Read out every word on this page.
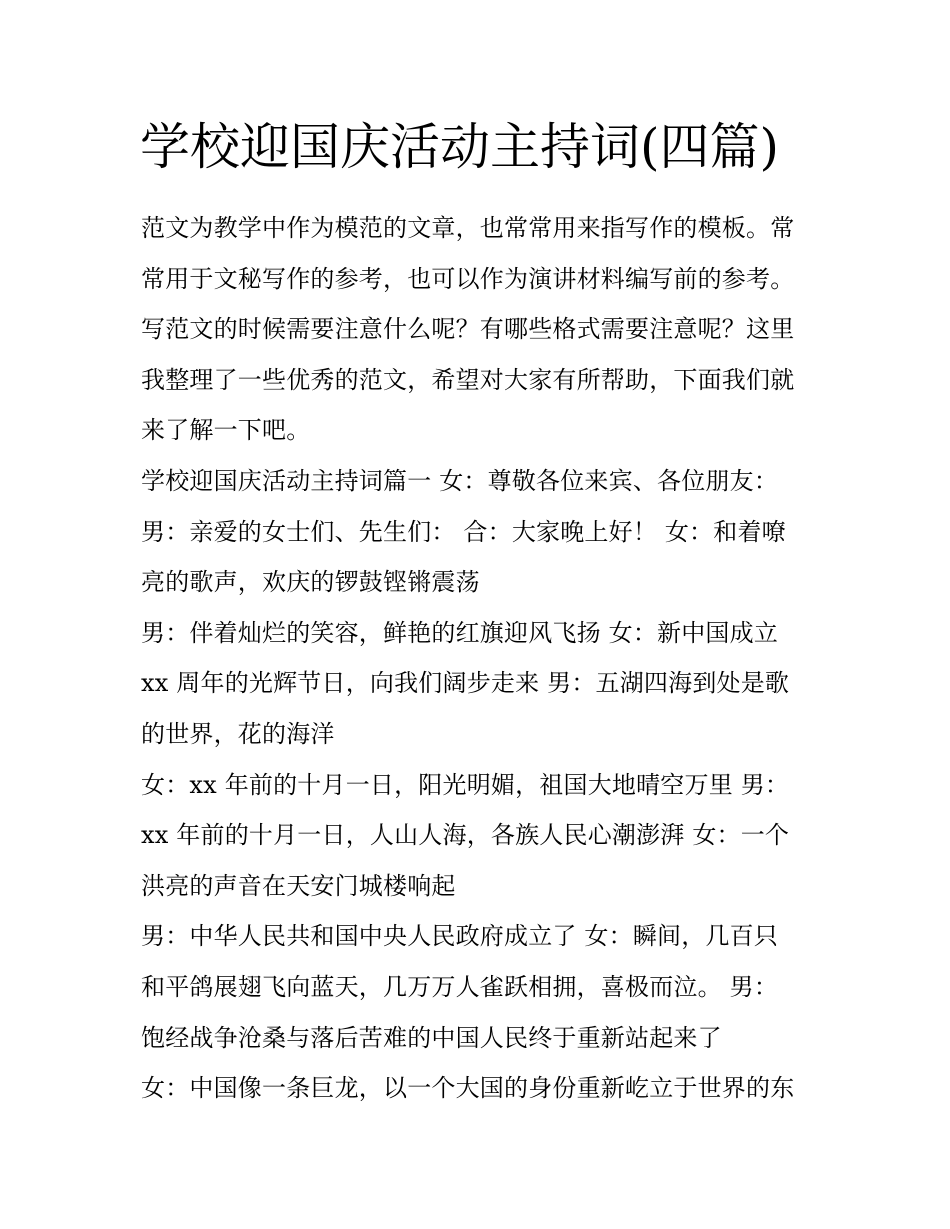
学校迎国庆活动主持词(四篇)
范文为教学中作为模范的文章，也常常用来指写作的模板。常
常用于文秘写作的参考，也可以作为演讲材料编写前的参考。
写范文的时候需要注意什么呢？有哪些格式需要注意呢？这里
我整理了一些优秀的范文，希望对大家有所帮助，下面我们就
来了解一下吧。
学校迎国庆活动主持词篇一 女：尊敬各位来宾、各位朋友：
男：亲爱的女士们、先生们： 合：大家晚上好！ 女：和着嘹
亮的歌声，欢庆的锣鼓铿锵震荡
男：伴着灿烂的笑容，鲜艳的红旗迎风飞扬 女：新中国成立
xx 周年的光辉节日，向我们阔步走来 男：五湖四海到处是歌
的世界，花的海洋
女：xx 年前的十月一日，阳光明媚，祖国大地晴空万里 男：
xx 年前的十月一日，人山人海，各族人民心潮澎湃 女：一个
洪亮的声音在天安门城楼响起
男：中华人民共和国中央人民政府成立了 女：瞬间，几百只
和平鸽展翅飞向蓝天，几万万人雀跃相拥，喜极而泣。 男：
饱经战争沧桑与落后苦难的中国人民终于重新站起来了
女：中国像一条巨龙，以一个大国的身份重新屹立于世界的东
